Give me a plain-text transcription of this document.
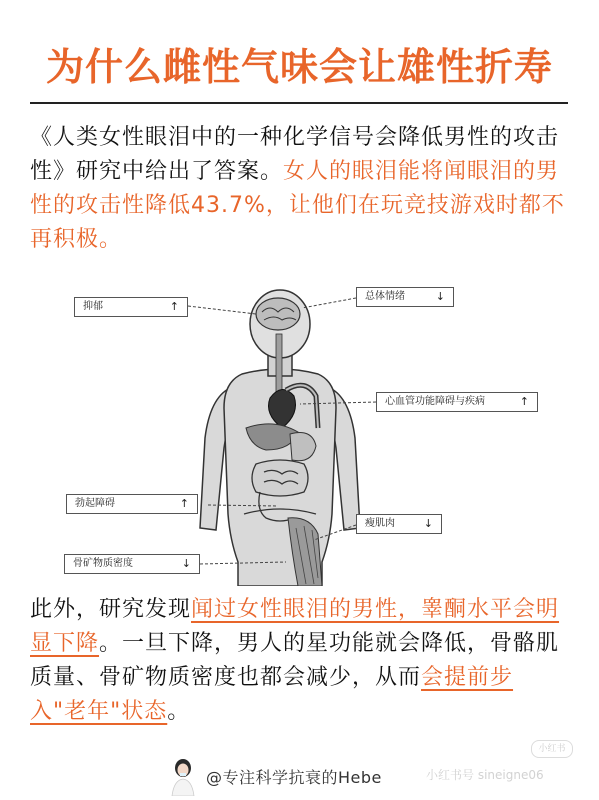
为什么雌性气味会让雄性折寿

《人类女性眼泪中的一种化学信号会降低男性的攻击性》研究中给出了答案。女人的眼泪能将闻眼泪的男性的攻击性降低43.7%，让他们在玩竞技游戏时都不再积极。

抑郁	↑
总体情绪	↓
心血管功能障碍与疾病	↑
勃起障碍	↑
瘦肌肉	↓
骨矿物质密度	↓

此外，研究发现闻过女性眼泪的男性，睾酮水平会明显下降。一旦下降，男人的星功能就会降低，骨骼肌质量、骨矿物质密度也都会减少，从而会提前步入"老年"状态。

@专注科学抗衰的Hebe
小红书
小红书号 sineigne06
